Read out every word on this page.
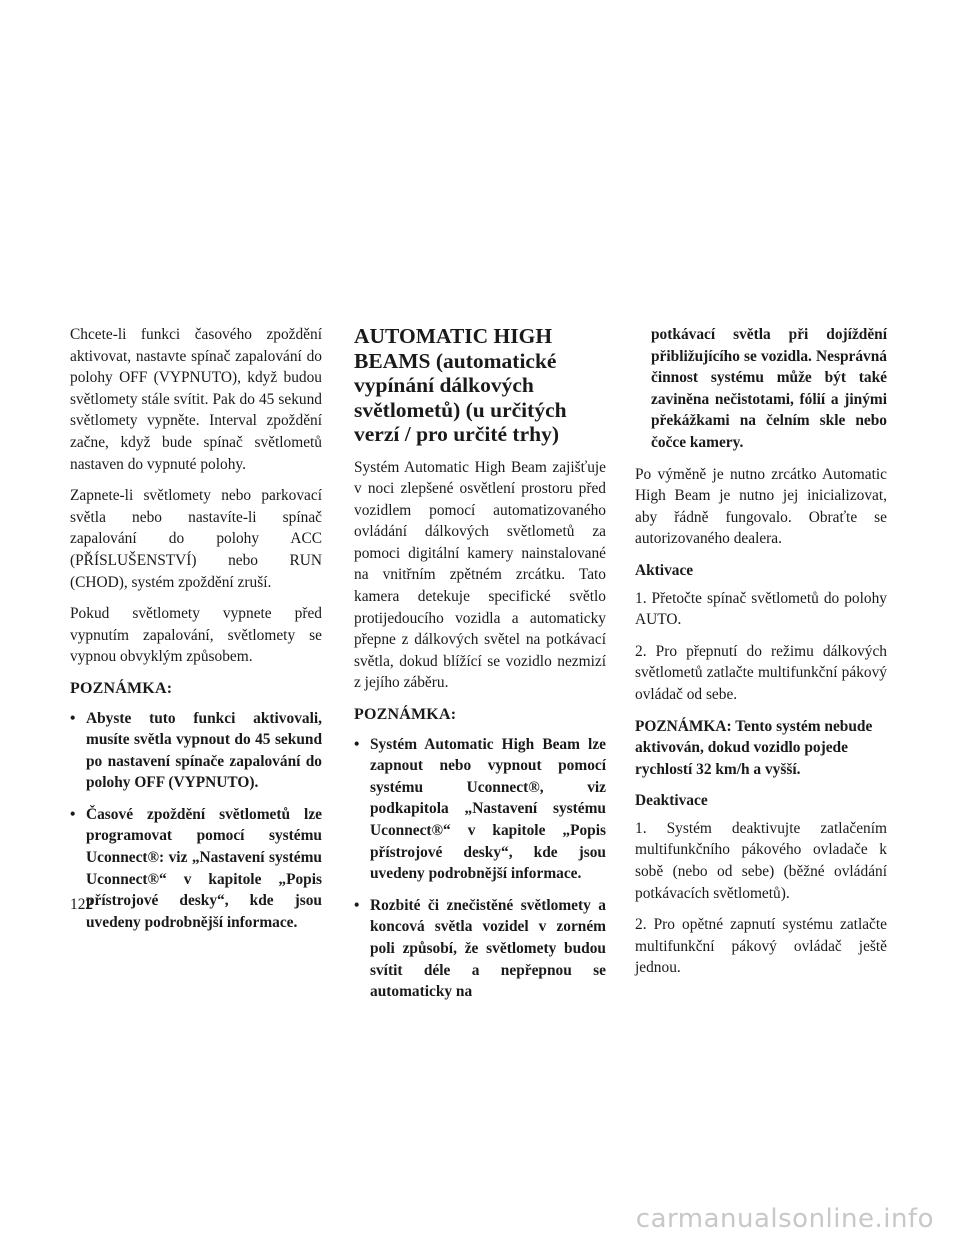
Chcete-li funkci časového zpoždění aktivovat, nastavte spínač zapalování do polohy OFF (VYPNUTO), když budou světlomety stále svítit. Pak do 45 sekund světlomety vypněte. Interval zpoždění začne, když bude spínač světlometů nastaven do vypnuté polohy.

Zapnete-li světlomety nebo parkovací světla nebo nastavíte-li spínač zapalování do polohy ACC (PŘÍSLUŠENSTVÍ) nebo RUN (CHOD), systém zpoždění zruší.

Pokud světlomety vypnete před vypnutím zapalování, světlomety se vypnou obvyklým způsobem.

POZNÁMKA:
• Abyste tuto funkci aktivovali, musíte světla vypnout do 45 sekund po nastavení spínače zapalování do polohy OFF (VYPNUTO).
• Časové zpoždění světlometů lze programovat pomocí systému Uconnect®: viz „Nastavení systému Uconnect®“ v kapitole „Popis přístrojové desky“, kde jsou uvedeny podrobnější informace.
AUTOMATIC HIGH BEAMS (automatické vypínání dálkových světlometů) (u určitých verzí / pro určité trhy)

Systém Automatic High Beam zajišťuje v noci zlepšené osvětlení prostoru před vozidlem pomocí automatizovaného ovládání dálkových světlometů za pomoci digitální kamery nainstalované na vnitřním zpětném zrcátku. Tato kamera detekuje specifické světlo protijedoucího vozidla a automaticky přepne z dálkových světel na potkávací světla, dokud blížící se vozidlo nezmizí z jejího záběru.

POZNÁMKA:
• Systém Automatic High Beam lze zapnout nebo vypnout pomocí systému Uconnect®, viz podkapitola „Nastavení systému Uconnect®“ v kapitole „Popis přístrojové desky“, kde jsou uvedeny podrobnější informace.
• Rozbité či znečistěné světlomety a koncová světla vozidel v zorném poli způsobí, že světlomety budou svítit déle a nepřepnou se automaticky na
potkávací světla při dojíždění přibližujícího se vozidla. Nesprávná činnost systému může být také zaviněna nečistotami, fólií a jinými překážkami na čelním skle nebo čočce kamery.

Po výměně je nutno zrcátko Automatic High Beam je nutno jej inicializovat, aby řádně fungovalo. Obraťte se autorizovaného dealera.

Aktivace

1. Přetočte spínač světlometů do polohy AUTO.

2. Pro přepnutí do režimu dálkových světlometů zatlačte multifunkční pákový ovládač od sebe.

POZNÁMKA: Tento systém nebude aktivován, dokud vozidlo pojede rychlostí 32 km/h a vyšší.

Deaktivace

1. Systém deaktivujte zatlačením multifunkčního pákového ovladače k sobě (nebo od sebe) (běžné ovládání potkávacích světlometů).

2. Pro opětné zapnutí systému zatlačte multifunkční pákový ovládač ještě jednou.

122
carmanualsonline.info
